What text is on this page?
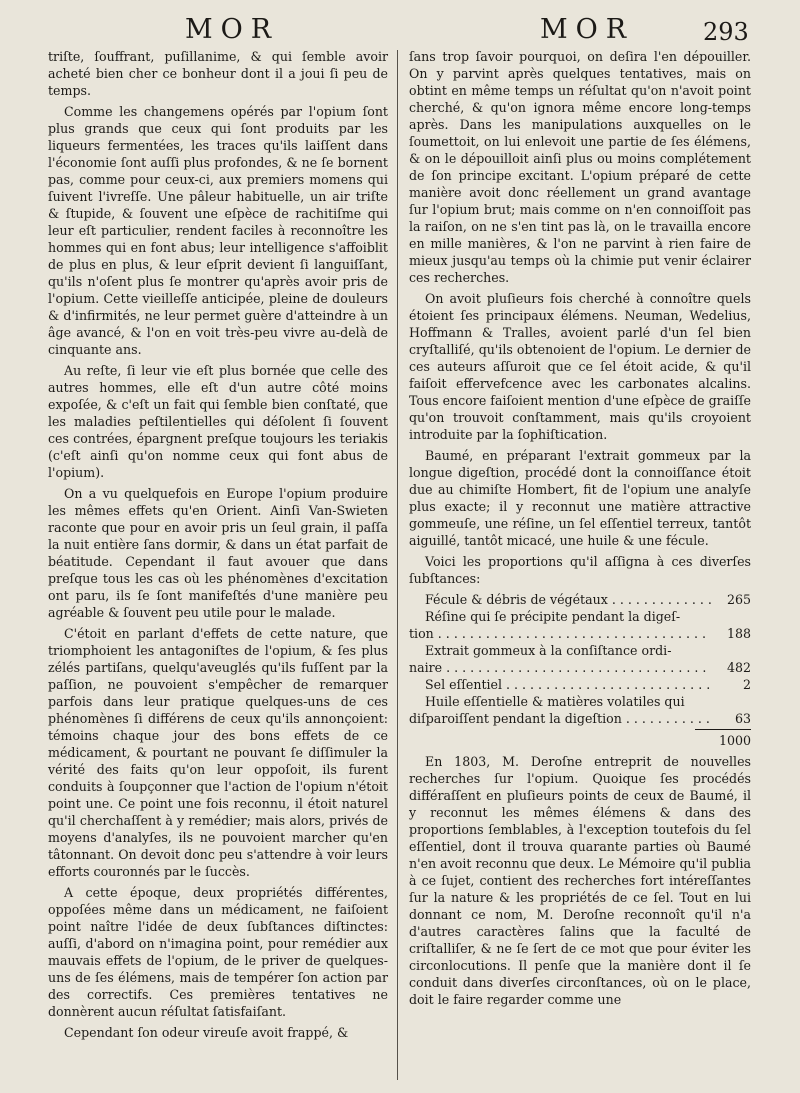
MOR	MOR	293

triſte, ſouffrant, puſillanime, & qui ſemble avoir acheté bien cher ce bonheur dont il a joui ſi peu de temps.

Comme les changemens opérés par l'opium ſont plus grands que ceux qui ſont produits par les liqueurs fermentées, les traces qu'ils laiſſent dans l'économie ſont auſſi plus profondes, & ne ſe bornent pas, comme pour ceux-ci, aux premiers momens qui ſuivent l'ivreſſe. Une pâleur habituelle, un air triſte & ſtupide, & ſouvent une eſpèce de rachitiſme qui leur eſt particulier, rendent faciles à reconnoître les hommes qui en font abus; leur intelligence s'affoiblit de plus en plus, & leur eſprit devient ſi languiſſant, qu'ils n'oſent plus ſe montrer qu'après avoir pris de l'opium. Cette vieilleſſe anticipée, pleine de douleurs & d'infirmités, ne leur permet guère d'atteindre à un âge avancé, & l'on en voit très-peu vivre au-delà de cinquante ans.

Au reſte, ſi leur vie eſt plus bornée que celle des autres hommes, elle eſt d'un autre côté moins expoſée, & c'eſt un fait qui ſemble bien conſtaté, que les maladies peſtilentielles qui déſolent ſi ſouvent ces contrées, épargnent preſque toujours les teriakis (c'eſt ainſi qu'on nomme ceux qui font abus de l'opium).

On a vu quelquefois en Europe l'opium produire les mêmes effets qu'en Orient. Ainſi Van-Swieten raconte que pour en avoir pris un ſeul grain, il paſſa la nuit entière ſans dormir, & dans un état parfait de béatitude. Cependant il faut avouer que dans preſque tous les cas où les phénomènes d'excitation ont paru, ils ſe ſont manifeſtés d'une manière peu agréable & ſouvent peu utile pour le malade.

C'étoit en parlant d'effets de cette nature, que triomphoient les antagoniſtes de l'opium, & ſes plus zélés partiſans, quelqu'aveuglés qu'ils fuſſent par la paſſion, ne pouvoient s'empêcher de remarquer parfois dans leur pratique quelques-uns de ces phénomènes ſi différens de ceux qu'ils annonçoient: témoins chaque jour des bons effets de ce médicament, & pourtant ne pouvant ſe diſſimuler la vérité des faits qu'on leur oppoſoit, ils furent conduits à ſoupçonner que l'action de l'opium n'étoit point une. Ce point une fois reconnu, il étoit naturel qu'il cherchaſſent à y remédier; mais alors, privés de moyens d'analyſes, ils ne pouvoient marcher qu'en tâtonnant. On devoit donc peu s'attendre à voir leurs efforts couronnés par le ſuccès.

A cette époque, deux propriétés différentes, oppoſées même dans un médicament, ne faiſoient point naître l'idée de deux ſubſtances diſtinctes: auſſi, d'abord on n'imagina point, pour remédier aux mauvais effets de l'opium, de le priver de quelques-uns de ſes élémens, mais de tempérer ſon action par des correctifs. Ces premières tentatives ne donnèrent aucun réſultat ſatisfaiſant.

Cependant ſon odeur vireuſe avoit frappé, &

ſans trop ſavoir pourquoi, on deſira l'en dépouiller. On y parvint après quelques tentatives, mais on obtint en même temps un réſultat qu'on n'avoit point cherché, & qu'on ignora même encore long-temps après. Dans les manipulations auxquelles on le ſoumettoit, on lui enlevoit une partie de ſes élémens, & on le dépouilloit ainſi plus ou moins complétement de ſon principe excitant. L'opium préparé de cette manière avoit donc réellement un grand avantage ſur l'opium brut; mais comme on n'en connoiſſoit pas la raiſon, on ne s'en tint pas là, on le travailla encore en mille manières, & l'on ne parvint à rien faire de mieux jusqu'au temps où la chimie put venir éclairer ces recherches.

On avoit pluſieurs fois cherché à connoître quels étoient ſes principaux élémens. Neuman, Wedelius, Hoffmann & Tralles, avoient parlé d'un ſel bien cryſtalliſé, qu'ils obtenoient de l'opium. Le dernier de ces auteurs aſſuroit que ce ſel étoit acide, & qu'il faiſoit effervefcence avec les carbonates alcalins. Tous encore faiſoient mention d'une eſpèce de graiſſe qu'on trouvoit conſtamment, mais qu'ils croyoient introduite par la ſophiſtication.

Baumé, en préparant l'extrait gommeux par la longue digeſtion, procédé dont la connoiſſance étoit due au chimiſte Hombert, fit de l'opium une analyſe plus exacte; il y reconnut une matière attractive gommeuſe, une réſine, un ſel eſſentiel terreux, tantôt aiguillé, tantôt micacé, une huile & une fécule.

Voici les proportions qu'il aſſigna à ces diverſes ſubſtances:

Fécule & débris de végétaux . . .	265
Réſine qui ſe précipite pendant la digeſ-
tion . . .	188
Extrait gommeux à la conſiſtance ordi-
naire . . .	482
Sel eſſentiel . . .	2
Huile eſſentielle & matières volatiles qui
diſparoiſſent pendant la digeſtion . . .	63
1000

En 1803, M. Deroſne entreprit de nouvelles recherches ſur l'opium. Quoique ſes procédés différaſſent en pluſieurs points de ceux de Baumé, il y reconnut les mêmes élémens & dans des proportions ſemblables, à l'exception toutefois du ſel eſſentiel, dont il trouva quarante parties où Baumé n'en avoit reconnu que deux. Le Mémoire qu'il publia à ce ſujet, contient des recherches fort intéreſſantes ſur la nature & les propriétés de ce ſel. Tout en lui donnant ce nom, M. Deroſne reconnoît qu'il n'a d'autres caractères ſalins que la faculté de criſtalliſer, & ne ſe ſert de ce mot que pour éviter les circonlocutions. Il penſe que la manière dont il ſe conduit dans diverſes circonſtances, où on le place, doit le faire regarder comme une
